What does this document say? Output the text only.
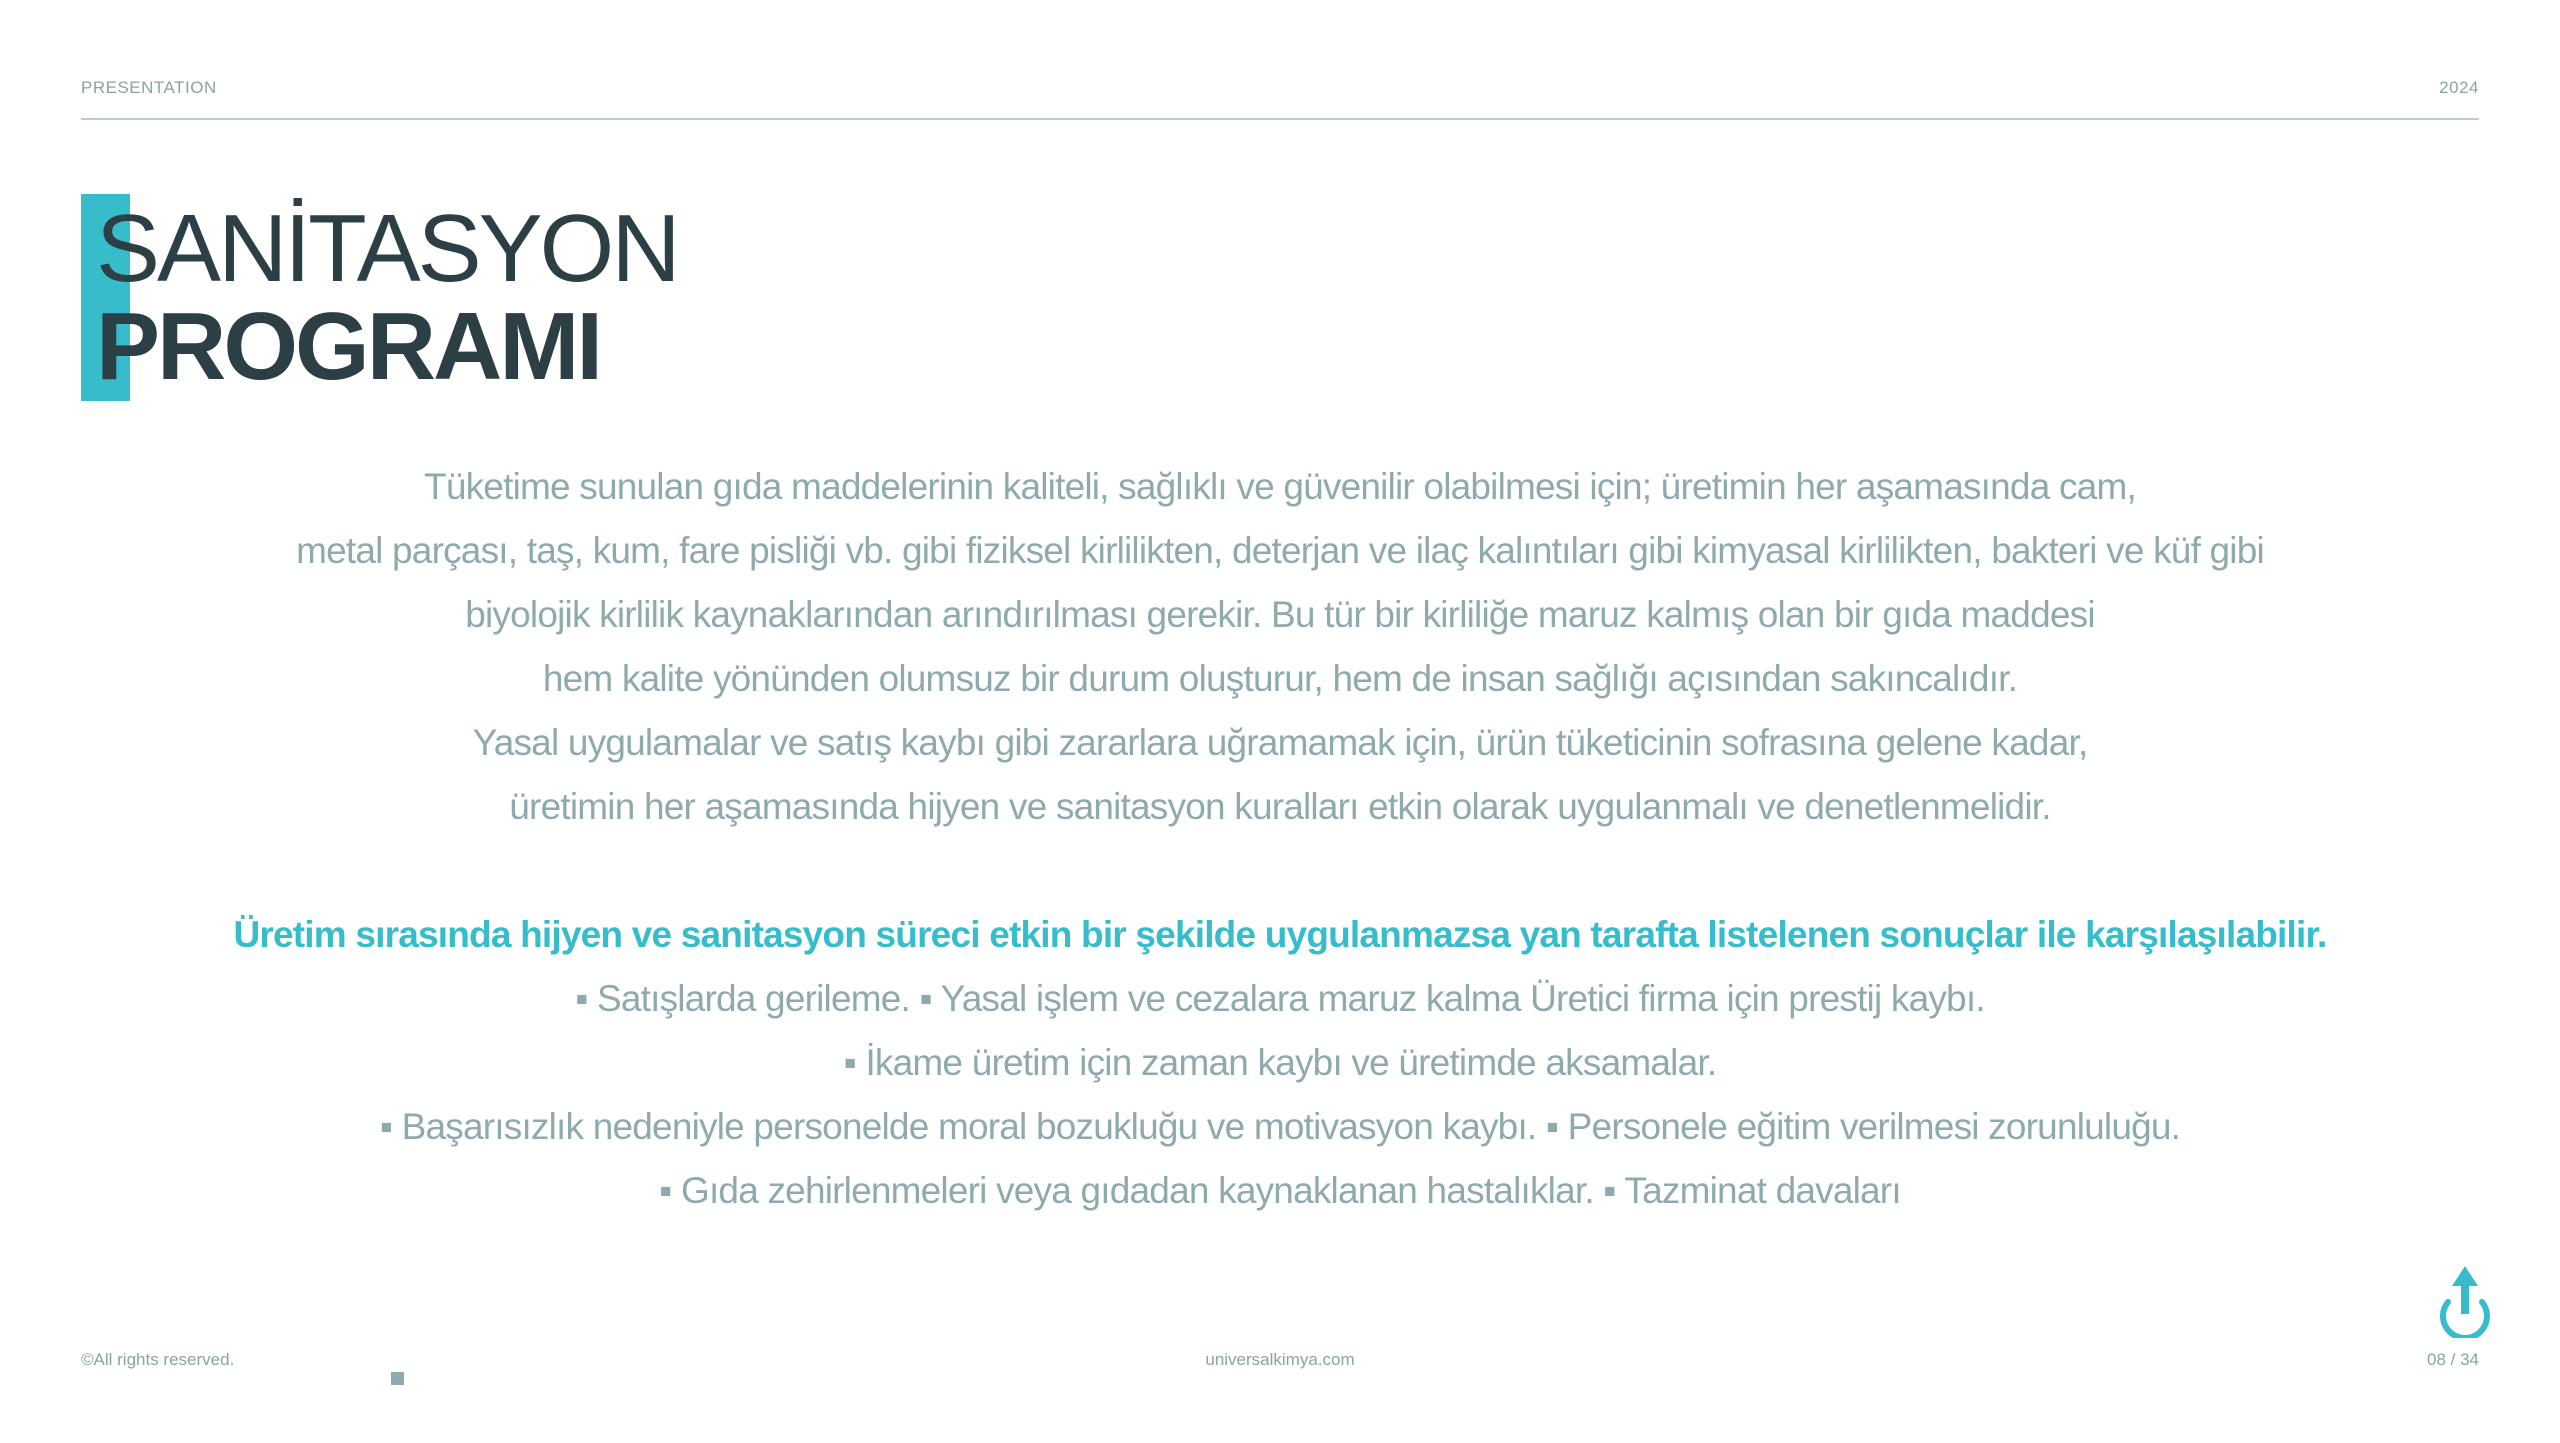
PRESENTATION	2024
SANİTASYON
PROGRAMI
Tüketime sunulan gıda maddelerinin kaliteli, sağlıklı ve güvenilir olabilmesi için; üretimin her aşamasında cam,
metal parçası, taş, kum, fare pisliği vb. gibi fiziksel kirlilikten, deterjan ve ilaç kalıntıları gibi kimyasal kirlilikten, bakteri ve küf gibi
biyolojik kirlilik kaynaklarından arındırılması gerekir. Bu tür bir kirliliğe maruz kalmış olan bir gıda maddesi
hem kalite yönünden olumsuz bir durum oluşturur, hem de insan sağlığı açısından sakıncalıdır.
Yasal uygulamalar ve satış kaybı gibi zararlara uğramamak için, ürün tüketicinin sofrasına gelene kadar,
üretimin her aşamasında hijyen ve sanitasyon kuralları etkin olarak uygulanmalı ve denetlenmelidir.
Üretim sırasında hijyen ve sanitasyon süreci etkin bir şekilde uygulanmazsa yan tarafta listelenen sonuçlar ile karşılaşılabilir.
▪ Satışlarda gerileme. ▪ Yasal işlem ve cezalara maruz kalma Üretici firma için prestij kaybı.
▪ İkame üretim için zaman kaybı ve üretimde aksamalar.
▪ Başarısızlık nedeniyle personelde moral bozukluğu ve motivasyon kaybı. ▪ Personele eğitim verilmesi zorunluluğu.
▪ Gıda zehirlenmeleri veya gıdadan kaynaklanan hastalıklar. ▪ Tazminat davaları
©All rights reserved.	universalkimya.com	08 / 34
